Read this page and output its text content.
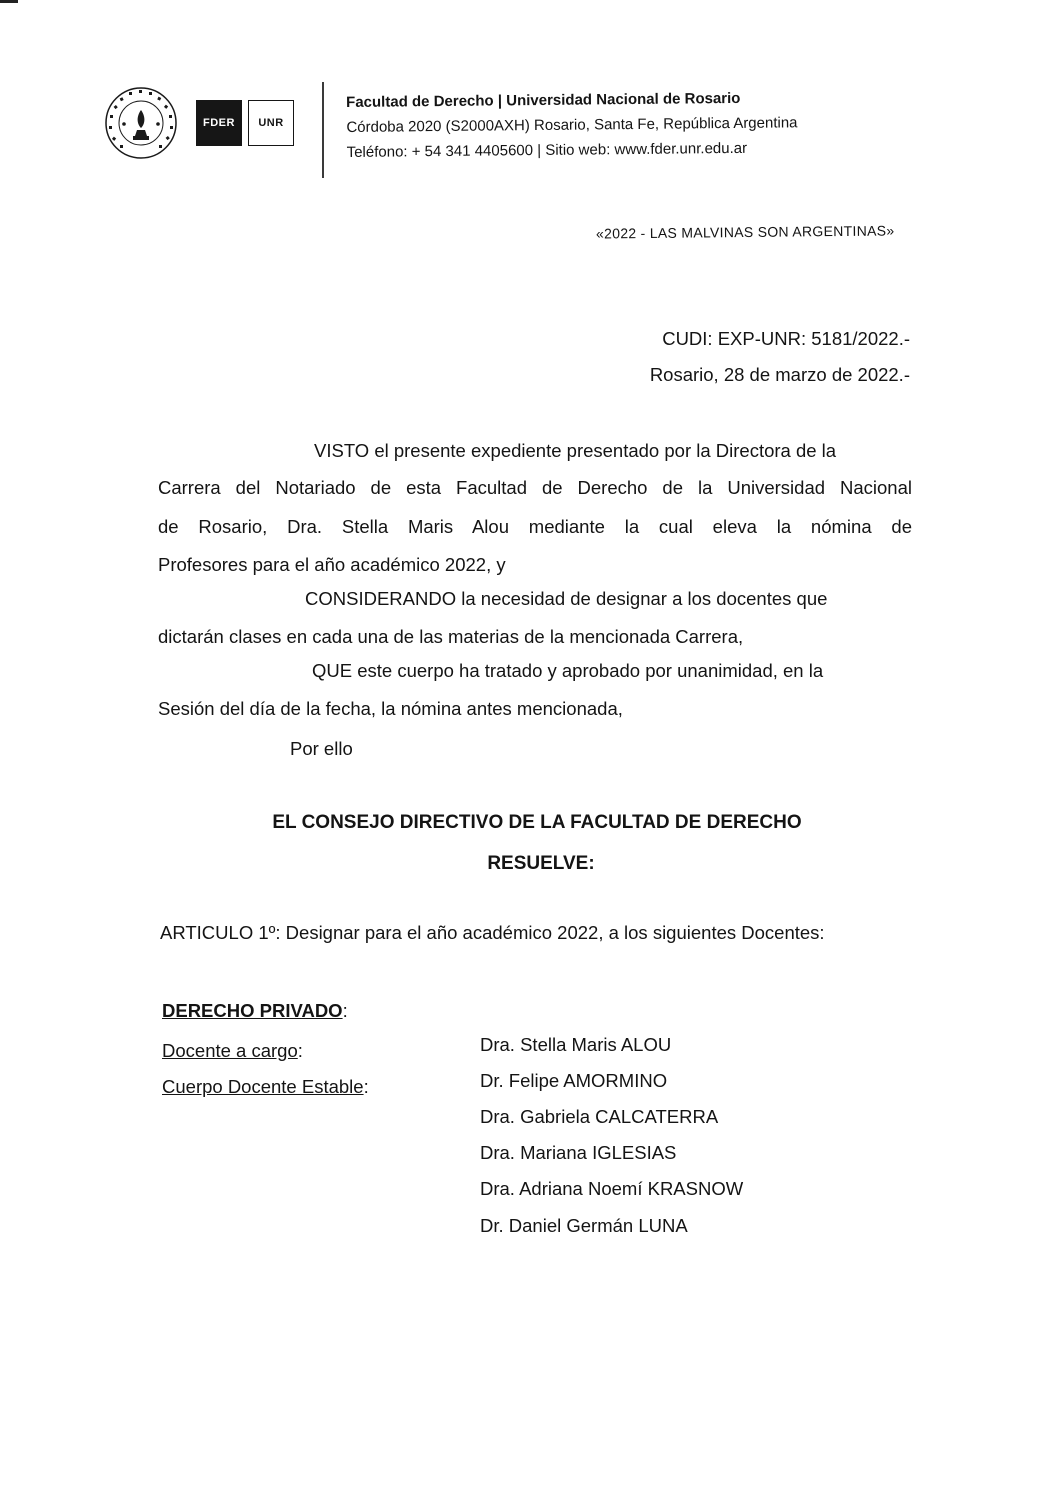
FDER	UNR
Facultad de Derecho | Universidad Nacional de Rosario
Córdoba 2020 (S2000AXH) Rosario, Santa Fe, República Argentina
Teléfono: + 54 341 4405600 | Sitio web: www.fder.unr.edu.ar
«2022 - LAS MALVINAS SON ARGENTINAS»
CUDI: EXP-UNR: 5181/2022.-
Rosario, 28 de marzo de 2022.-
VISTO el presente expediente presentado por la Directora de la
Carrera del Notariado de esta Facultad de Derecho de la Universidad Nacional
de Rosario, Dra. Stella Maris Alou mediante la cual eleva la nómina de
Profesores para el año académico 2022, y
CONSIDERANDO la necesidad de designar a los docentes que
dictarán clases en cada una de las materias de la mencionada Carrera,
QUE este cuerpo ha tratado y aprobado por unanimidad, en la
Sesión del día de la fecha, la nómina antes mencionada,
Por ello
EL CONSEJO DIRECTIVO DE LA FACULTAD DE DERECHO
RESUELVE:
ARTICULO 1º: Designar para el año académico 2022, a los siguientes Docentes:
DERECHO PRIVADO:
Docente a cargo:
Cuerpo Docente Estable:
Dra. Stella Maris ALOU
Dr. Felipe AMORMINO
Dra. Gabriela CALCATERRA
Dra. Mariana IGLESIAS
Dra. Adriana Noemí KRASNOW
Dr. Daniel Germán LUNA
